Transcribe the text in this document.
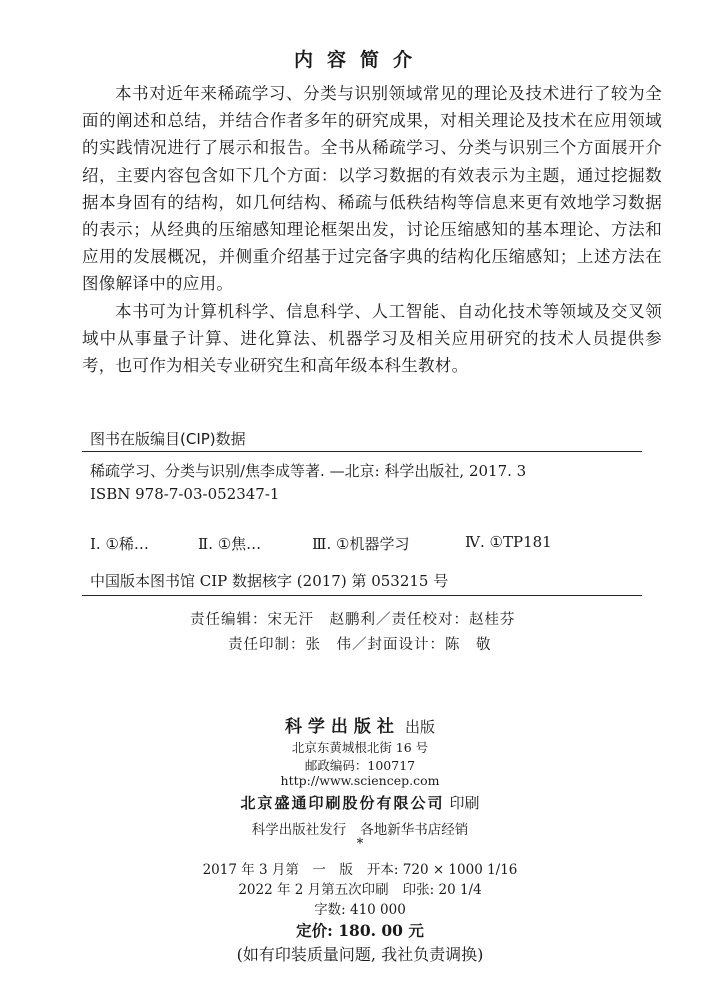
内容简介

本书对近年来稀疏学习、分类与识别领域常见的理论及技术进行了较为全面的阐述和总结，并结合作者多年的研究成果，对相关理论及技术在应用领域的实践情况进行了展示和报告。全书从稀疏学习、分类与识别三个方面展开介绍，主要内容包含如下几个方面：以学习数据的有效表示为主题，通过挖掘数据本身固有的结构，如几何结构、稀疏与低秩结构等信息来更有效地学习数据的表示；从经典的压缩感知理论框架出发，讨论压缩感知的基本理论、方法和应用的发展概况，并侧重介绍基于过完备字典的结构化压缩感知；上述方法在图像解译中的应用。

本书可为计算机科学、信息科学、人工智能、自动化技术等领域及交叉领域中从事量子计算、进化算法、机器学习及相关应用研究的技术人员提供参考，也可作为相关专业研究生和高年级本科生教材。

图书在版编目(CIP)数据
稀疏学习、分类与识别/焦李成等著. —北京: 科学出版社, 2017. 3
ISBN 978-7-03-052347-1
Ⅰ. ①稀…	Ⅱ. ①焦…	Ⅲ. ①机器学习	Ⅳ. ①TP181
中国版本图书馆 CIP 数据核字 (2017) 第 053215 号
责任编辑：宋无汗　赵鹏利／责任校对：赵桂芬
责任印制：张　伟／封面设计：陈　敬
科学出版社 出版
北京东黄城根北街 16 号
邮政编码：100717
http://www.sciencep.com
北京盛通印刷股份有限公司 印刷
科学出版社发行 各地新华书店经销
*
2017 年 3 月第　一　版 开本: 720 × 1000 1/16
2022 年 2 月第五次印刷 印张: 20 1/4
字数: 410 000
定价: 180. 00 元
(如有印装质量问题, 我社负责调换)
